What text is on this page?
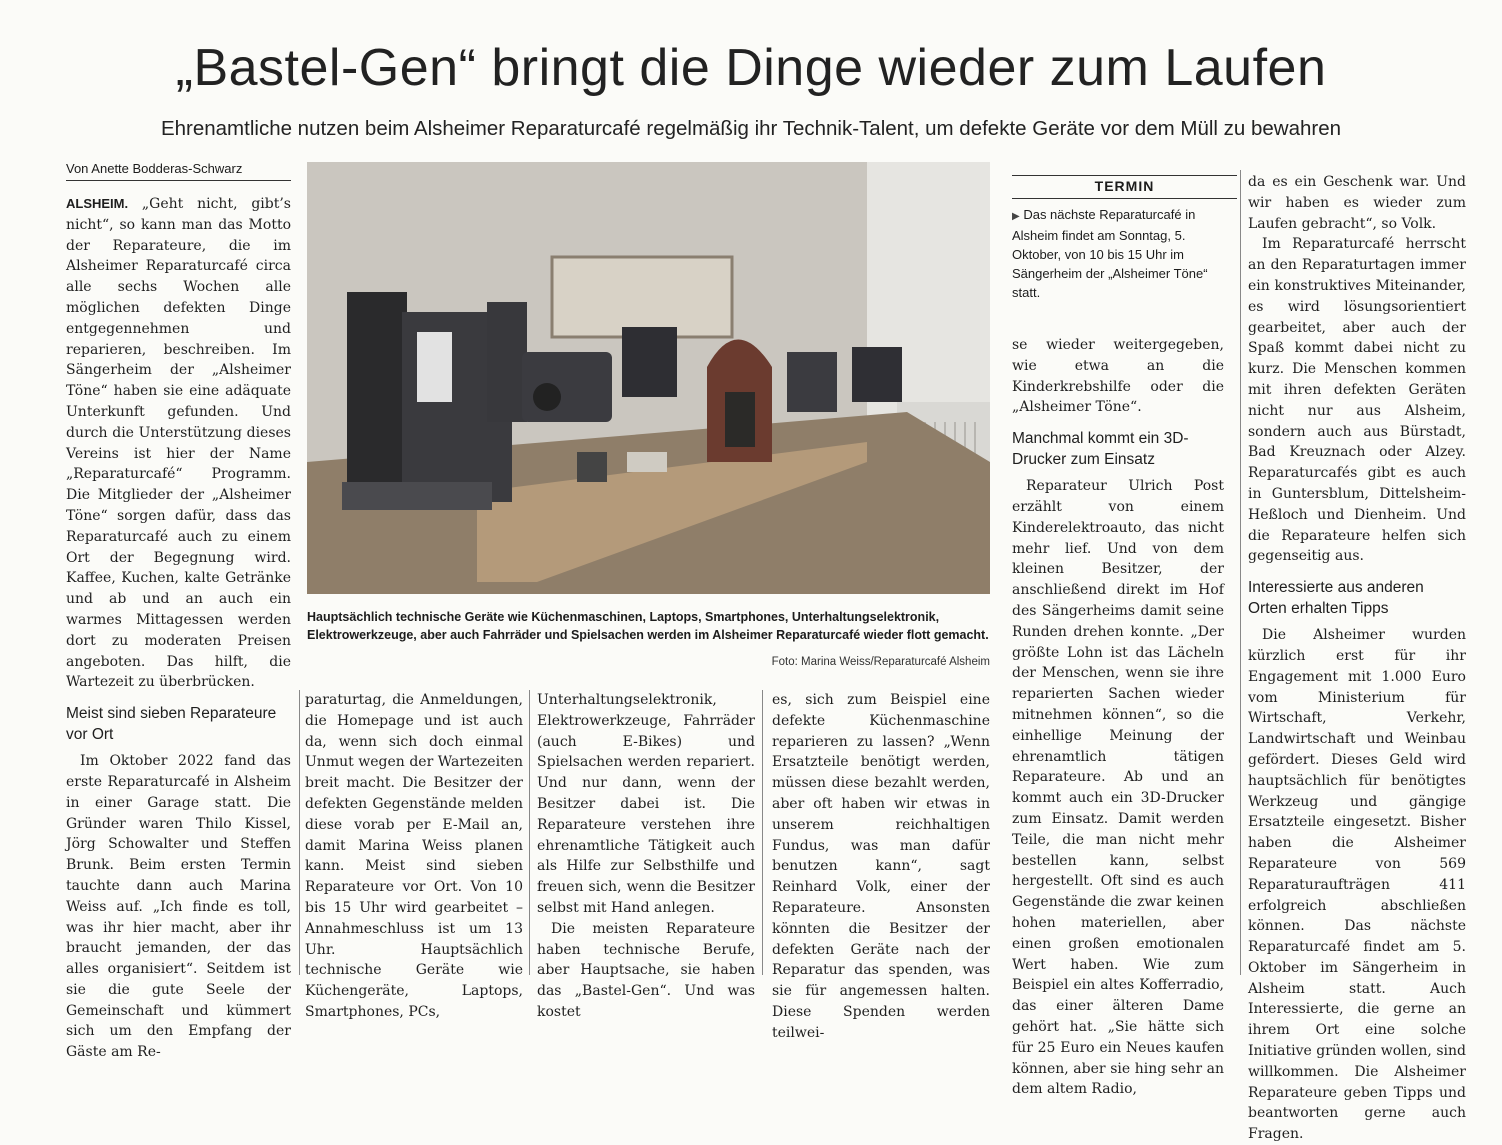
„Bastel-Gen“ bringt die Dinge wieder zum Laufen
Ehrenamtliche nutzen beim Alsheimer Reparaturcafé regelmäßig ihr Technik-Talent, um defekte Geräte vor dem Müll zu bewahren
Von Anette Bodderas-Schwarz

ALSHEIM. „Geht nicht, gibt’s nicht“, so kann man das Motto der Reparateure, die im Alsheimer Reparaturcafé circa alle sechs Wochen alle möglichen defekten Dinge entgegennehmen und reparieren, beschreiben. Im Sängerheim der „Alsheimer Töne“ haben sie eine adäquate Unterkunft gefunden. Und durch die Unterstützung dieses Vereins ist hier der Name „Reparaturcafé“ Programm. Die Mitglieder der „Alsheimer Töne“ sorgen dafür, dass das Reparaturcafé auch zu einem Ort der Begegnung wird. Kaffee, Kuchen, kalte Getränke und ab und an auch ein warmes Mittagessen werden dort zu moderaten Preisen angeboten. Das hilft, die Wartezeit zu überbrücken.

Meist sind sieben Reparateure vor Ort

Im Oktober 2022 fand das erste Reparaturcafé in Alsheim in einer Garage statt. Die Gründer waren Thilo Kissel, Jörg Schowalter und Steffen Brunk. Beim ersten Termin tauchte dann auch Marina Weiss auf. „Ich finde es toll, was ihr hier macht, aber ihr braucht jemanden, der das alles organisiert“. Seitdem ist sie die gute Seele der Gemeinschaft und kümmert sich um den Empfang der Gäste am Re-

Hauptsächlich technische Geräte wie Küchenmaschinen, Laptops, Smartphones, Unterhaltungselektronik, Elektrowerkzeuge, aber auch Fahrräder und Spielsachen werden im Alsheimer Reparaturcafé wieder flott gemacht.
Foto: Marina Weiss/Reparaturcafé Alsheim

paraturtag, die Anmeldungen, die Homepage und ist auch da, wenn sich doch einmal Unmut wegen der Wartezeiten breit macht. Die Besitzer der defekten Gegenstände melden diese vorab per E-Mail an, damit Marina Weiss planen kann. Meist sind sieben Reparateure vor Ort. Von 10 bis 15 Uhr wird gearbeitet – Annahmeschluss ist um 13 Uhr. Hauptsächlich technische Geräte wie Küchengeräte, Laptops, Smartphones, PCs,

Unterhaltungselektronik, Elektrowerkzeuge, Fahrräder (auch E-Bikes) und Spielsachen werden repariert. Und nur dann, wenn der Besitzer dabei ist. Die Reparateure verstehen ihre ehrenamtliche Tätigkeit auch als Hilfe zur Selbsthilfe und freuen sich, wenn die Besitzer selbst mit Hand anlegen.

Die meisten Reparateure haben technische Berufe, aber Hauptsache, sie haben das „Bastel-Gen“. Und was kostet

es, sich zum Beispiel eine defekte Küchenmaschine reparieren zu lassen? „Wenn Ersatzteile benötigt werden, müssen diese bezahlt werden, aber oft haben wir etwas in unserem reichhaltigen Fundus, was man dafür benutzen kann“, sagt Reinhard Volk, einer der Reparateure. Ansonsten könnten die Besitzer der defekten Geräte nach der Reparatur das spenden, was sie für angemessen halten. Diese Spenden werden teilwei-

TERMIN
▶ Das nächste Reparaturcafé in Alsheim findet am Sonntag, 5. Oktober, von 10 bis 15 Uhr im Sängerheim der „Alsheimer Töne“ statt.

se wieder weitergegeben, wie etwa an die Kinderkrebshilfe oder die „Alsheimer Töne“.

Manchmal kommt ein 3D-Drucker zum Einsatz

Reparateur Ulrich Post erzählt von einem Kinderelektroauto, das nicht mehr lief. Und von dem kleinen Besitzer, der anschließend direkt im Hof des Sängerheims damit seine Runden drehen konnte. „Der größte Lohn ist das Lächeln der Menschen, wenn sie ihre reparierten Sachen wieder mitnehmen können“, so die einhellige Meinung der ehrenamtlich tätigen Reparateure. Ab und an kommt auch ein 3D-Drucker zum Einsatz. Damit werden Teile, die man nicht mehr bestellen kann, selbst hergestellt. Oft sind es auch Gegenstände die zwar keinen hohen materiellen, aber einen großen emotionalen Wert haben. Wie zum Beispiel ein altes Kofferradio, das einer älteren Dame gehört hat. „Sie hätte sich für 25 Euro ein Neues kaufen können, aber sie hing sehr an dem altem Radio,

da es ein Geschenk war. Und wir haben es wieder zum Laufen gebracht“, so Volk.

Im Reparaturcafé herrscht an den Reparaturtagen immer ein konstruktives Miteinander, es wird lösungsorientiert gearbeitet, aber auch der Spaß kommt dabei nicht zu kurz. Die Menschen kommen mit ihren defekten Geräten nicht nur aus Alsheim, sondern auch aus Bürstadt, Bad Kreuznach oder Alzey. Reparaturcafés gibt es auch in Guntersblum, Dittelsheim-Heßloch und Dienheim. Und die Reparateure helfen sich gegenseitig aus.

Interessierte aus anderen Orten erhalten Tipps

Die Alsheimer wurden kürzlich erst für ihr Engagement mit 1.000 Euro vom Ministerium für Wirtschaft, Verkehr, Landwirtschaft und Weinbau gefördert. Dieses Geld wird hauptsächlich für benötigtes Werkzeug und gängige Ersatzteile eingesetzt. Bisher haben die Alsheimer Reparateure von 569 Reparaturaufträgen 411 erfolgreich abschließen können. Das nächste Reparaturcafé findet am 5. Oktober im Sängerheim in Alsheim statt. Auch Interessierte, die gerne an ihrem Ort eine solche Initiative gründen wollen, sind willkommen. Die Alsheimer Reparateure geben Tipps und beantworten gerne auch Fragen.
